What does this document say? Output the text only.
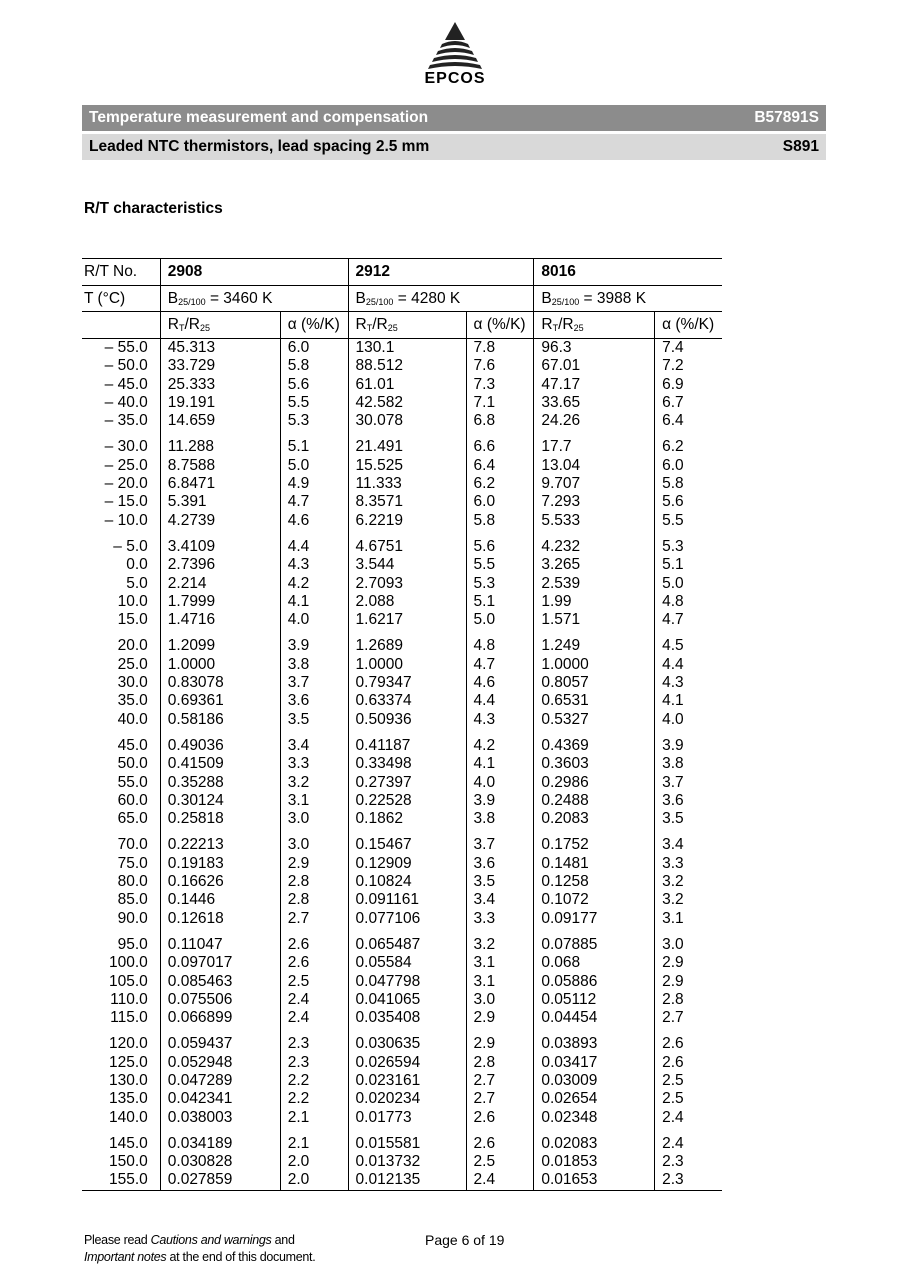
EPCOS
Temperature measurement and compensation	B57891S
Leaded NTC thermistors, lead spacing 2.5 mm	S891
R/T characteristics
R/T No.	2908		2912		8016	
T (°C)	$B_{25/100} = 3460$ K		$B_{25/100} = 4280$ K		$B_{25/100} = 3988$ K	
	$R_T/R_{25}$	α (%/K)	$R_T/R_{25}$	α (%/K)	$R_T/R_{25}$	α (%/K)
– 55.0	45.313	6.0	130.1	7.8	96.3	7.4
– 50.0	33.729	5.8	88.512	7.6	67.01	7.2
– 45.0	25.333	5.6	61.01	7.3	47.17	6.9
– 40.0	19.191	5.5	42.582	7.1	33.65	6.7
– 35.0	14.659	5.3	30.078	6.8	24.26	6.4

– 30.0	11.288	5.1	21.491	6.6	17.7	6.2
– 25.0	8.7588	5.0	15.525	6.4	13.04	6.0
– 20.0	6.8471	4.9	11.333	6.2	9.707	5.8
– 15.0	5.391	4.7	8.3571	6.0	7.293	5.6
– 10.0	4.2739	4.6	6.2219	5.8	5.533	5.5

– 5.0	3.4109	4.4	4.6751	5.6	4.232	5.3
0.0	2.7396	4.3	3.544	5.5	3.265	5.1
5.0	2.214	4.2	2.7093	5.3	2.539	5.0
10.0	1.7999	4.1	2.088	5.1	1.99	4.8
15.0	1.4716	4.0	1.6217	5.0	1.571	4.7

20.0	1.2099	3.9	1.2689	4.8	1.249	4.5
25.0	1.0000	3.8	1.0000	4.7	1.0000	4.4
30.0	0.83078	3.7	0.79347	4.6	0.8057	4.3
35.0	0.69361	3.6	0.63374	4.4	0.6531	4.1
40.0	0.58186	3.5	0.50936	4.3	0.5327	4.0

45.0	0.49036	3.4	0.41187	4.2	0.4369	3.9
50.0	0.41509	3.3	0.33498	4.1	0.3603	3.8
55.0	0.35288	3.2	0.27397	4.0	0.2986	3.7
60.0	0.30124	3.1	0.22528	3.9	0.2488	3.6
65.0	0.25818	3.0	0.1862	3.8	0.2083	3.5

70.0	0.22213	3.0	0.15467	3.7	0.1752	3.4
75.0	0.19183	2.9	0.12909	3.6	0.1481	3.3
80.0	0.16626	2.8	0.10824	3.5	0.1258	3.2
85.0	0.1446	2.8	0.091161	3.4	0.1072	3.2
90.0	0.12618	2.7	0.077106	3.3	0.09177	3.1

95.0	0.11047	2.6	0.065487	3.2	0.07885	3.0
100.0	0.097017	2.6	0.05584	3.1	0.068	2.9
105.0	0.085463	2.5	0.047798	3.1	0.05886	2.9
110.0	0.075506	2.4	0.041065	3.0	0.05112	2.8
115.0	0.066899	2.4	0.035408	2.9	0.04454	2.7

120.0	0.059437	2.3	0.030635	2.9	0.03893	2.6
125.0	0.052948	2.3	0.026594	2.8	0.03417	2.6
130.0	0.047289	2.2	0.023161	2.7	0.03009	2.5
135.0	0.042341	2.2	0.020234	2.7	0.02654	2.5
140.0	0.038003	2.1	0.01773	2.6	0.02348	2.4

145.0	0.034189	2.1	0.015581	2.6	0.02083	2.4
150.0	0.030828	2.0	0.013732	2.5	0.01853	2.3
155.0	0.027859	2.0	0.012135	2.4	0.01653	2.3
Please read Cautions and warnings and
Important notes at the end of this document.
Page 6 of 19
